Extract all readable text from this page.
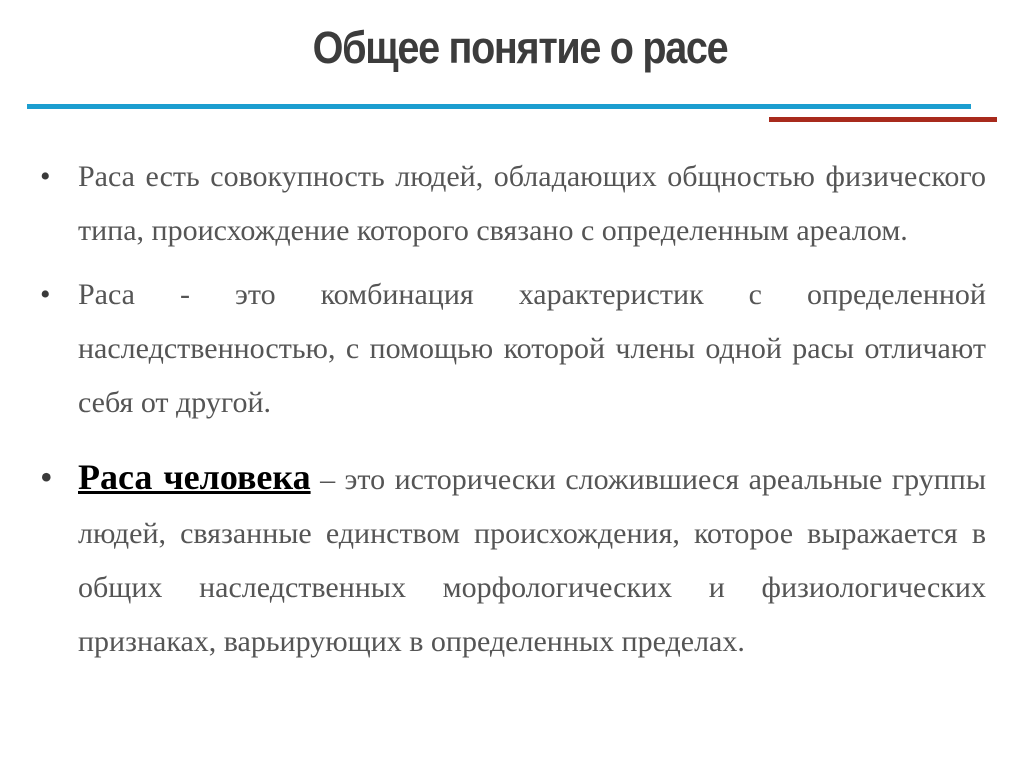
Общее понятие о расе
• Раса есть совокупность людей, обладающих общностью физического типа, происхождение которого связано с определенным ареалом.
• Раса - это комбинация характеристик с определенной наследственностью, с помощью которой члены одной расы отличают себя от другой.
• Раса человека – это исторически сложившиеся ареальные группы людей, связанные единством происхождения, которое выражается в общих наследственных морфологических и физиологических признаках, варьирующих в определенных пределах.
